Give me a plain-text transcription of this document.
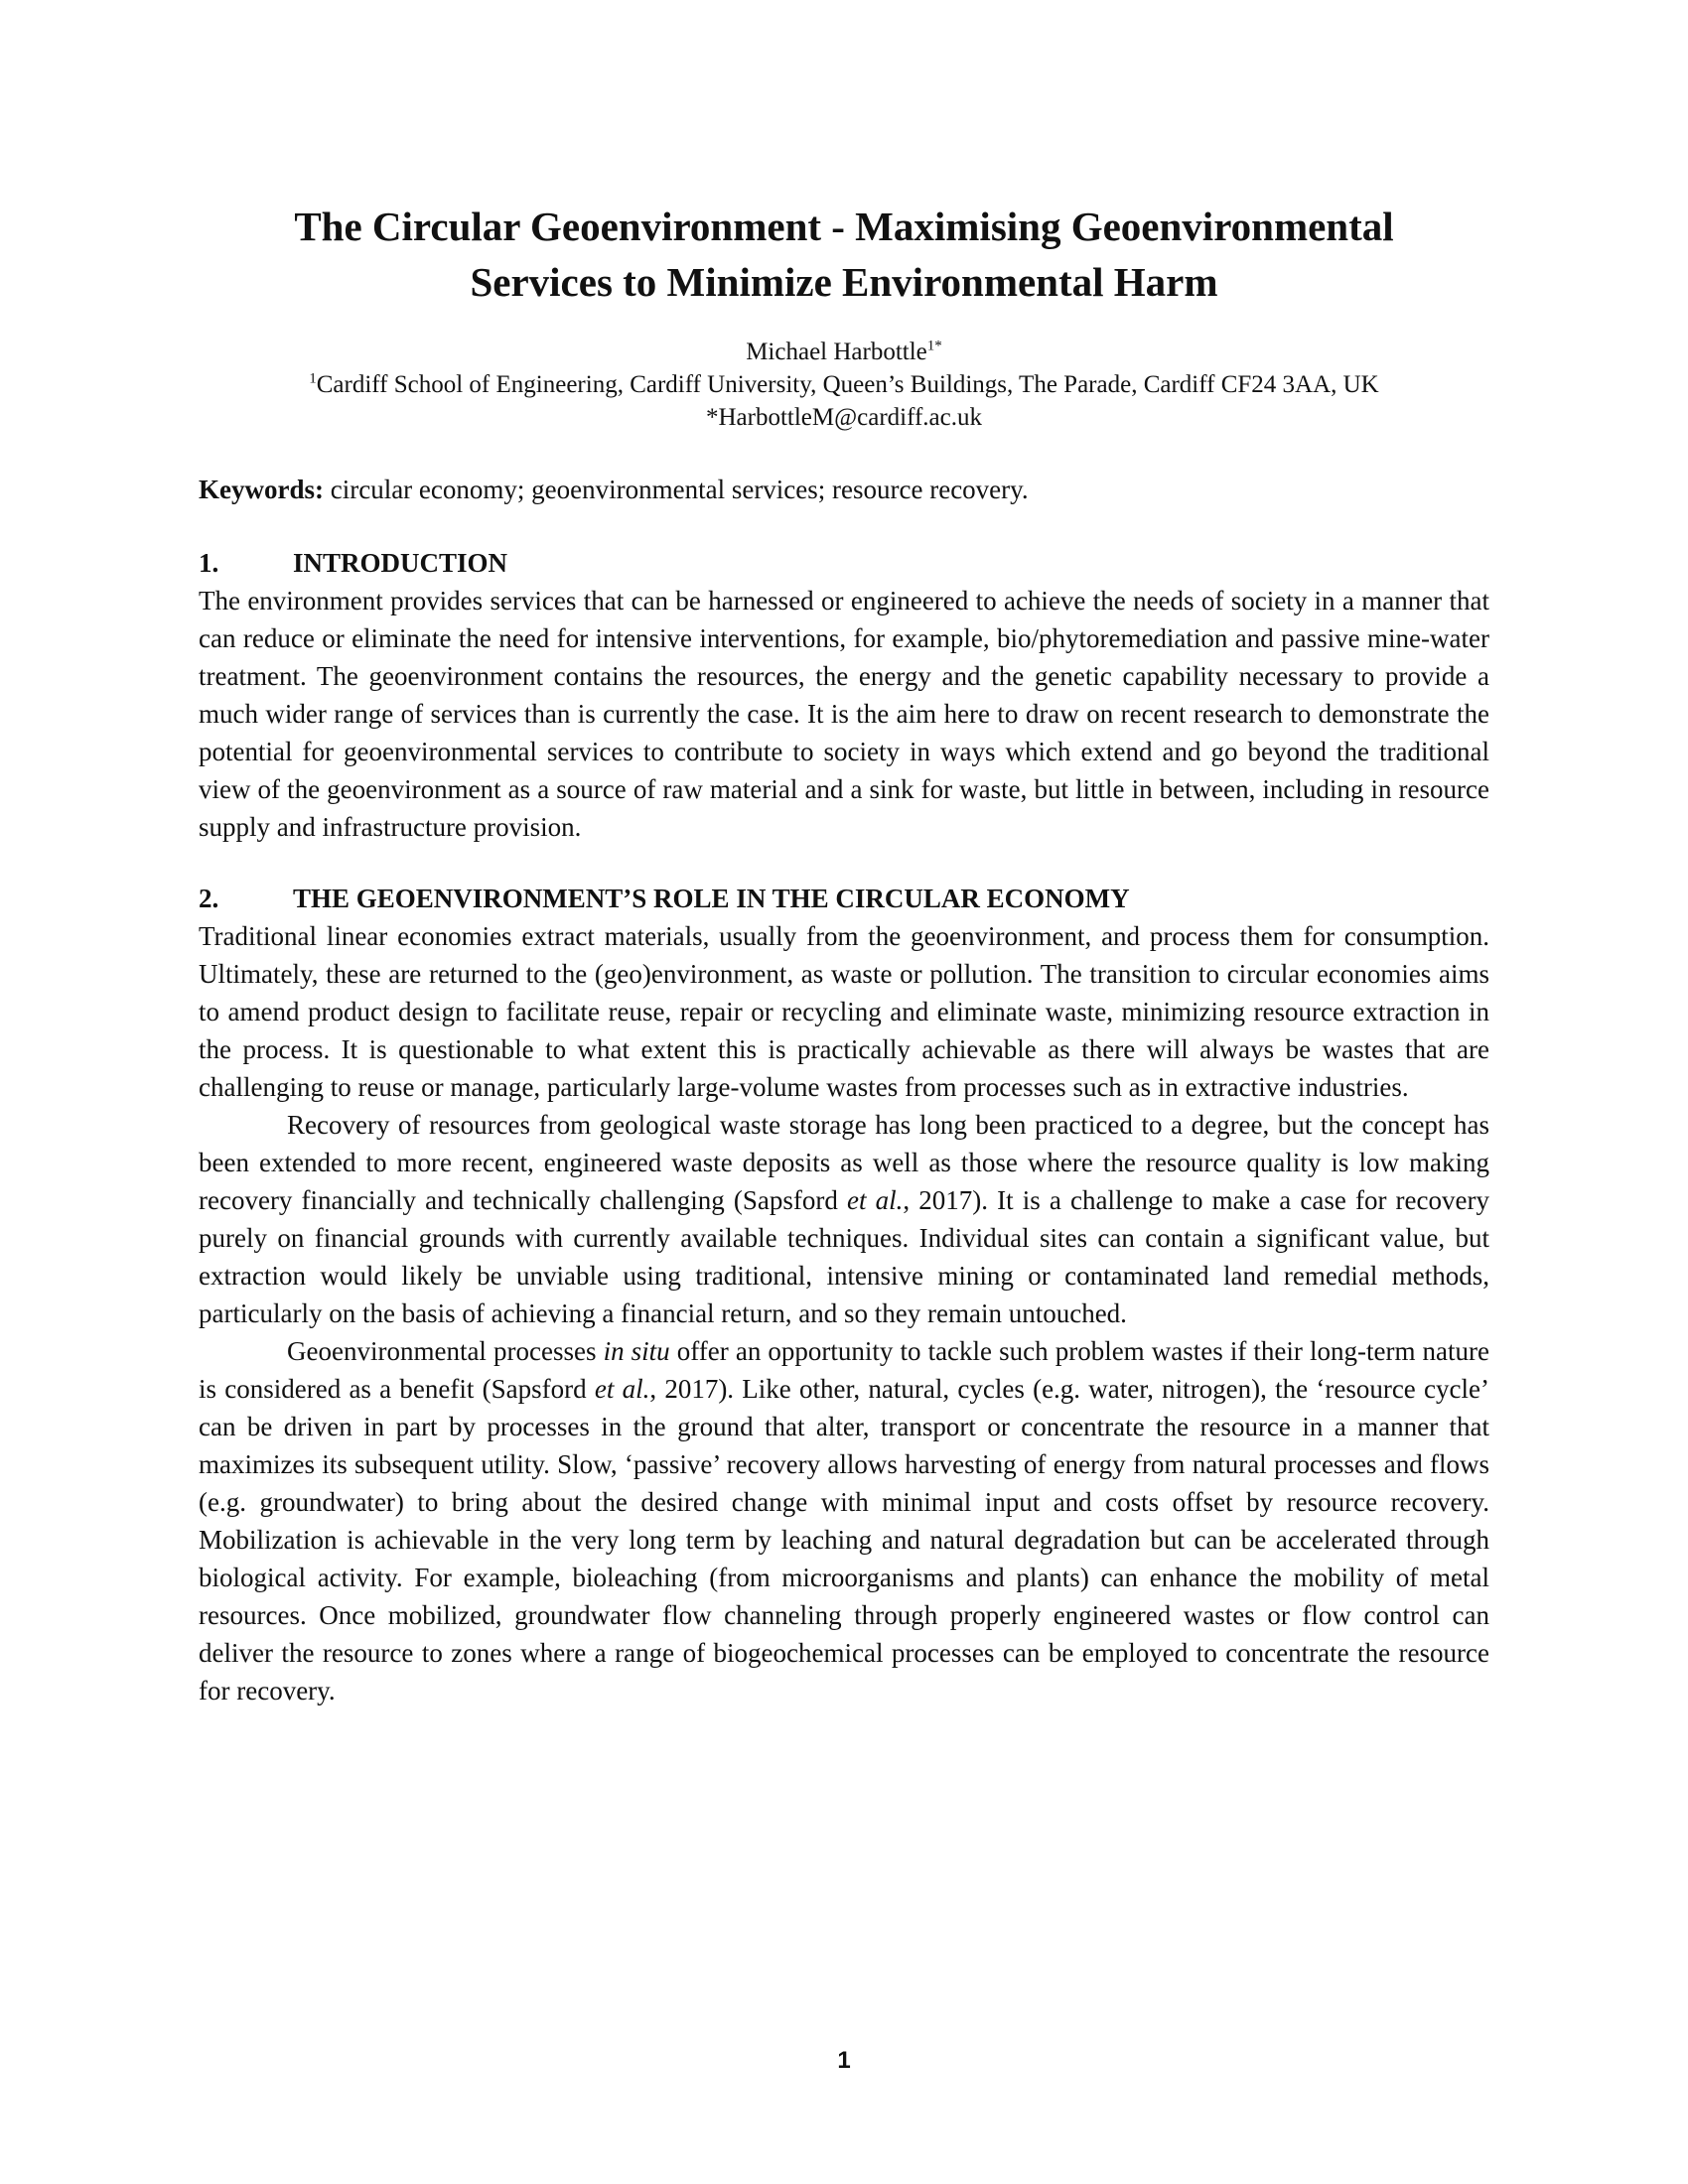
The Circular Geoenvironment - Maximising Geoenvironmental
Services to Minimize Environmental Harm
Michael Harbottle$^{1*}$
$^1$Cardiff School of Engineering, Cardiff University, Queen’s Buildings, The Parade, Cardiff CF24 3AA, UK
*HarbottleM@cardiff.ac.uk
Keywords: circular economy; geoenvironmental services; resource recovery.
1.	INTRODUCTION

The environment provides services that can be harnessed or engineered to achieve the needs of society in a manner that can reduce or eliminate the need for intensive interventions, for example, bio/phytoremediation and passive mine-water treatment. The geoenvironment contains the resources, the energy and the genetic capability necessary to provide a much wider range of services than is currently the case. It is the aim here to draw on recent research to demonstrate the potential for geoenvironmental services to contribute to society in ways which extend and go beyond the traditional view of the geoenvironment as a source of raw material and a sink for waste, but little in between, including in resource supply and infrastructure provision.

2.	THE GEOENVIRONMENT’S ROLE IN THE CIRCULAR ECONOMY

Traditional linear economies extract materials, usually from the geoenvironment, and process them for consumption. Ultimately, these are returned to the (geo)environment, as waste or pollution. The transition to circular economies aims to amend product design to facilitate reuse, repair or recycling and eliminate waste, minimizing resource extraction in the process. It is questionable to what extent this is practically achievable as there will always be wastes that are challenging to reuse or manage, particularly large-volume wastes from processes such as in extractive industries.

Recovery of resources from geological waste storage has long been practiced to a degree, but the concept has been extended to more recent, engineered waste deposits as well as those where the resource quality is low making recovery financially and technically challenging (Sapsford et al., 2017). It is a challenge to make a case for recovery purely on financial grounds with currently available techniques. Individual sites can contain a significant value, but extraction would likely be unviable using traditional, intensive mining or contaminated land remedial methods, particularly on the basis of achieving a financial return, and so they remain untouched.

Geoenvironmental processes in situ offer an opportunity to tackle such problem wastes if their long-term nature is considered as a benefit (Sapsford et al., 2017). Like other, natural, cycles (e.g. water, nitrogen), the ‘resource cycle’ can be driven in part by processes in the ground that alter, transport or concentrate the resource in a manner that maximizes its subsequent utility. Slow, ‘passive’ recovery allows harvesting of energy from natural processes and flows (e.g. groundwater) to bring about the desired change with minimal input and costs offset by resource recovery. Mobilization is achievable in the very long term by leaching and natural degradation but can be accelerated through biological activity. For example, bioleaching (from microorganisms and plants) can enhance the mobility of metal resources. Once mobilized, groundwater flow channeling through properly engineered wastes or flow control can deliver the resource to zones where a range of biogeochemical processes can be employed to concentrate the resource for recovery.

1
